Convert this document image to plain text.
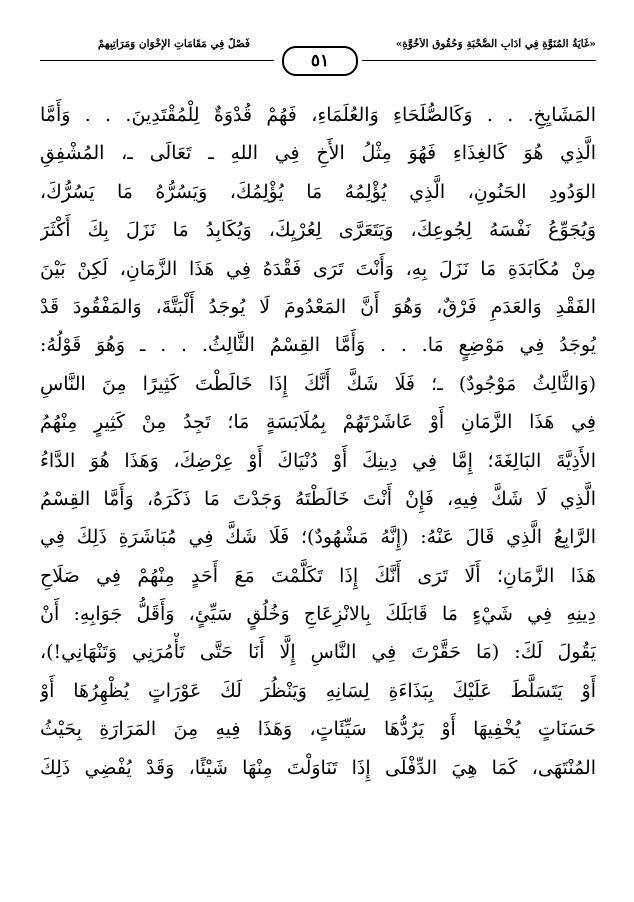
فَصْلٌ فِي مَقَامَاتِ الإِخْوَانِ وَمَرَاتِبِهِمْ	«غَايَةُ المُنَوَّةِ فِي آدَابِ الصُّحْبَةِ وَحُقُوقِ الأُخُوَّةِ»
٥١
المَشَايِخِ. . . وَكَالصُّلَحَاءِ وَالعُلَمَاءِ، فَهُمْ قُدْوَةٌ لِلْمُقْتَدِينَ. . . وَأَمَّا
الَّذِي هُوَ كَالغِذَاءِ فَهُوَ مِثْلُ الأَخِ فِي اللهِ ـ تَعَالَى ـ، المُشْفِقِ
الوَدُودِ الحَنُونِ، الَّذِي يُؤْلِمُهُ مَا يُؤْلِمُكَ، وَيَسُرُّهُ مَا يَسُرُّكَ،
وَيُجَوِّعُ نَفْسَهُ لِجُوعِكَ، وَيَتَعَرَّى لِعُرْيِكَ، وَيُكَابِدُ مَا نَزَلَ بِكَ أَكْثَرَ
مِنْ مُكَابَدَةِ مَا نَزَلَ بِهِ، وَأَنْتَ تَرَى فَقْدَهُ فِي هَذَا الزَّمَانِ، لَكِنْ بَيْنَ
الفَقْدِ وَالعَدَمِ فَرْقٌ، وَهُوَ أَنَّ المَعْدُومَ لَا يُوجَدُ أَلْبَتَّةَ، وَالمَفْقُودَ قَدْ
يُوجَدُ فِي مَوْضِعٍ مَا. . . وَأَمَّا القِسْمُ الثَّالِثُ. . . ـ وَهُوَ قَوْلُهُ:
(وَالثَّالِثُ مَوْجُودٌ) ـ؛ فَلَا شَكَّ أَنَّكَ إِذَا خَالَطْتَ كَثِيرًا مِنَ النَّاسِ
فِي هَذَا الزَّمَانِ أَوْ عَاشَرْتَهُمْ بِمُلَابَسَةٍ مَا؛ تَجِدُ مِنْ كَثِيرٍ مِنْهُمُ
الأَذِيَّةَ البَالِغَةَ؛ إِمَّا فِي دِينِكَ أَوْ دُنْيَاكَ أَوْ عِرْضِكَ، وَهَذَا هُوَ الدَّاءُ
الَّذِي لَا شَكَّ فِيهِ، فَإِنْ أَنْتَ خَالَطْتَهُ وَجَدْتَ مَا ذَكَرَهُ، وَأَمَّا القِسْمُ
الرَّابِعُ الَّذِي قَالَ عَنْهُ: (إِنَّهُ مَشْهُودٌ)؛ فَلَا شَكَّ فِي مُبَاشَرَةِ ذَلِكَ فِي
هَذَا الزَّمَانِ؛ أَلَا تَرَى أَنَّكَ إِذَا تَكَلَّمْتَ مَعَ أَحَدٍ مِنْهُمْ فِي صَلَاحِ
دِينِهِ فِي شَيْءٍ مَا قَابَلَكَ بِالانْزِعَاجِ وَخُلُقٍ سَيِّئٍ، وَأَقَلُّ جَوَابِهِ: أَنْ
يَقُولَ لَكَ: (مَا حَقَّرْتَ فِي النَّاسِ إِلَّا أَنَا حَتَّى تَأْمُرَنِي وَتَنْهَانِي!)،
أَوْ يَتَسَلَّطَ عَلَيْكَ بِبَذَاءَةِ لِسَانِهِ وَيَنْظُرَ لَكَ عَوْرَاتٍ يُظْهِرُهَا أَوْ
حَسَنَاتٍ يُخْفِيهَا أَوْ يَرُدُّهَا سَيِّئَاتٍ، وَهَذَا فِيهِ مِنَ المَرَارَةِ بِحَيْثُ
المُنْتَهَى، كَمَا هِيَ الدِّفْلَى إِذَا تَنَاوَلْتَ مِنْهَا شَيْئًا، وَقَدْ يُفْضِي ذَلِكَ
